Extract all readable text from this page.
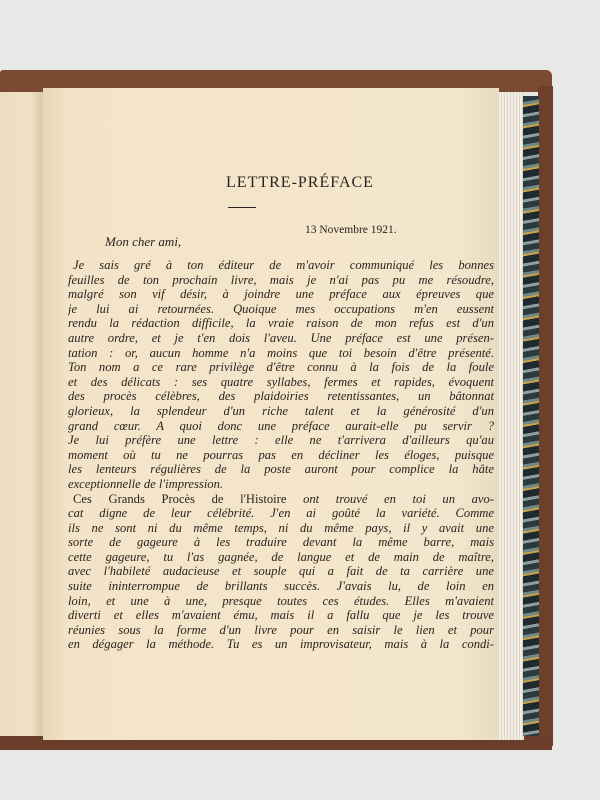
LETTRE-PRÉFACE
13 Novembre 1921.
Mon cher ami,
Je sais gré à ton éditeur de m'avoir communiqué les bonnes
feuilles de ton prochain livre, mais je n'ai pas pu me résoudre,
malgré son vif désir, à joindre une préface aux épreuves que
je lui ai retournées. Quoique mes occupations m'en eussent
rendu la rédaction difficile, la vraie raison de mon refus est d'un
autre ordre, et je t'en dois l'aveu. Une préface est une présen-
tation : or, aucun homme n'a moins que toi besoin d'être présenté.
Ton nom a ce rare privilège d'être connu à la fois de la foule
et des délicats : ses quatre syllabes, fermes et rapides, évoquent
des procès célèbres, des plaidoiries retentissantes, un bâtonnat
glorieux, la splendeur d'un riche talent et la générosité d'un
grand cœur. A quoi donc une préface aurait-elle pu servir ?
Je lui préfère une lettre : elle ne t'arrivera d'ailleurs qu'au
moment où tu ne pourras pas en décliner les éloges, puisque
les lenteurs régulières de la poste auront pour complice la hâte
exceptionnelle de l'impression.
Ces Grands Procès de l'Histoire ont trouvé en toi un avo-
cat digne de leur célébrité. J'en ai goûté la variété. Comme
ils ne sont ni du même temps, ni du même pays, il y avait une
sorte de gageure à les traduire devant la même barre, mais
cette gageure, tu l'as gagnée, de langue et de main de maître,
avec l'habileté audacieuse et souple qui a fait de ta carrière une
suite ininterrompue de brillants succès. J'avais lu, de loin en
loin, et une à une, presque toutes ces études. Elles m'avaient
diverti et elles m'avaient ému, mais il a fallu que je les trouve
réunies sous la forme d'un livre pour en saisir le lien et pour
en dégager la méthode. Tu es un improvisateur, mais à la condi-
